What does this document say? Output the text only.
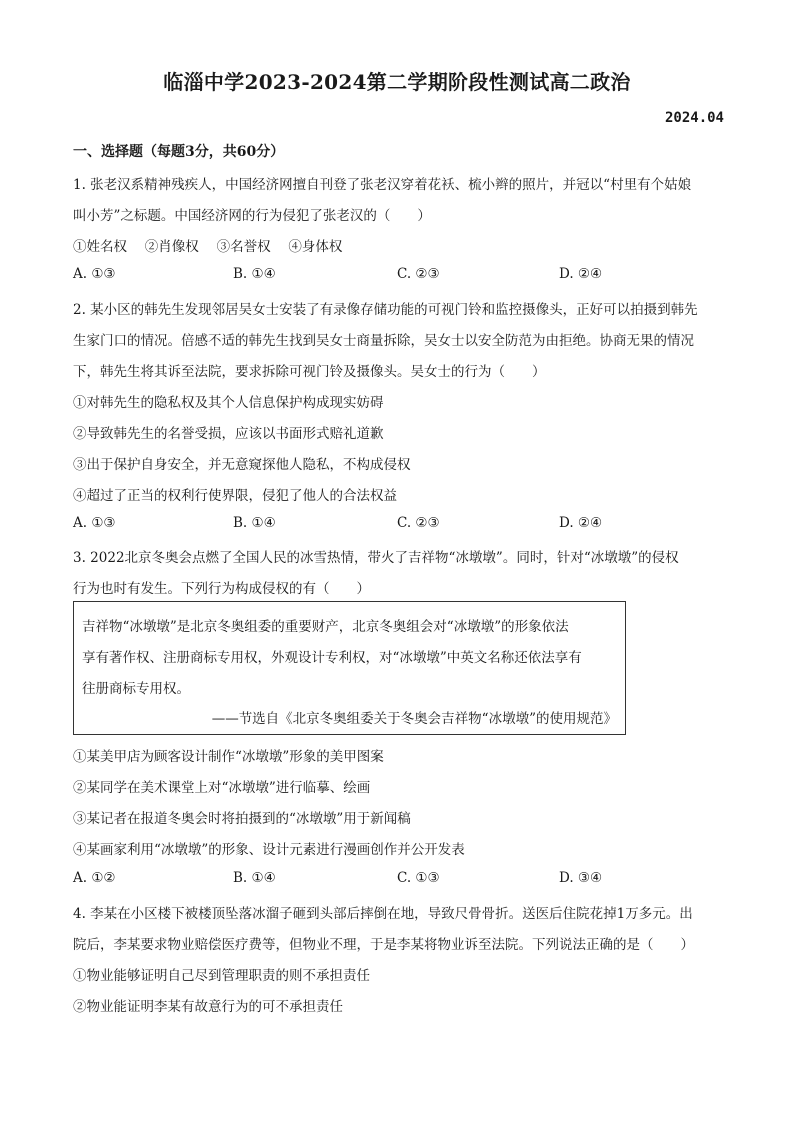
临淄中学2023-2024第二学期阶段性测试高二政治
2024.04
一、选择题（每题3分，共60分）
1. 张老汉系精神残疾人，中国经济网擅自刊登了张老汉穿着花袄、梳小辫的照片，并冠以“村里有个姑娘
叫小芳”之标题。中国经济网的行为侵犯了张老汉的（　　）
①姓名权　 ②肖像权　 ③名誉权　 ④身体权
A. ①③	B. ①④	C. ②③	D. ②④
2. 某小区的韩先生发现邻居吴女士安装了有录像存储功能的可视门铃和监控摄像头，正好可以拍摄到韩先
生家门口的情况。倍感不适的韩先生找到吴女士商量拆除，吴女士以安全防范为由拒绝。协商无果的情况
下，韩先生将其诉至法院，要求拆除可视门铃及摄像头。吴女士的行为（　　）
①对韩先生的隐私权及其个人信息保护构成现实妨碍
②导致韩先生的名誉受损，应该以书面形式赔礼道歉
③出于保护自身安全，并无意窥探他人隐私，不构成侵权
④超过了正当的权利行使界限，侵犯了他人的合法权益
A. ①③	B. ①④	C. ②③	D. ②④
3. 2022北京冬奥会点燃了全国人民的冰雪热情，带火了吉祥物“冰墩墩”。同时，针对“冰墩墩”的侵权
行为也时有发生。下列行为构成侵权的有（　　）
吉祥物“冰墩墩”是北京冬奥组委的重要财产，北京冬奥组会对“冰墩墩”的形象依法
享有著作权、注册商标专用权，外观设计专利权，对“冰墩墩”中英文名称还依法享有
往册商标专用权。
——节选自《北京冬奥组委关于冬奥会吉祥物“冰墩墩”的使用规范》
①某美甲店为顾客设计制作“冰墩墩”形象的美甲图案
②某同学在美术课堂上对“冰墩墩”进行临摹、绘画
③某记者在报道冬奥会时将拍摄到的“冰墩墩”用于新闻稿
④某画家利用“冰墩墩”的形象、设计元素进行漫画创作并公开发表
A. ①②	B. ①④	C. ①③	D. ③④
4. 李某在小区楼下被楼顶坠落冰溜子砸到头部后摔倒在地，导致尺骨骨折。送医后住院花掉1万多元。出
院后，李某要求物业赔偿医疗费等，但物业不理，于是李某将物业诉至法院。下列说法正确的是（　　）
①物业能够证明自己尽到管理职责的则不承担责任
②物业能证明李某有故意行为的可不承担责任
